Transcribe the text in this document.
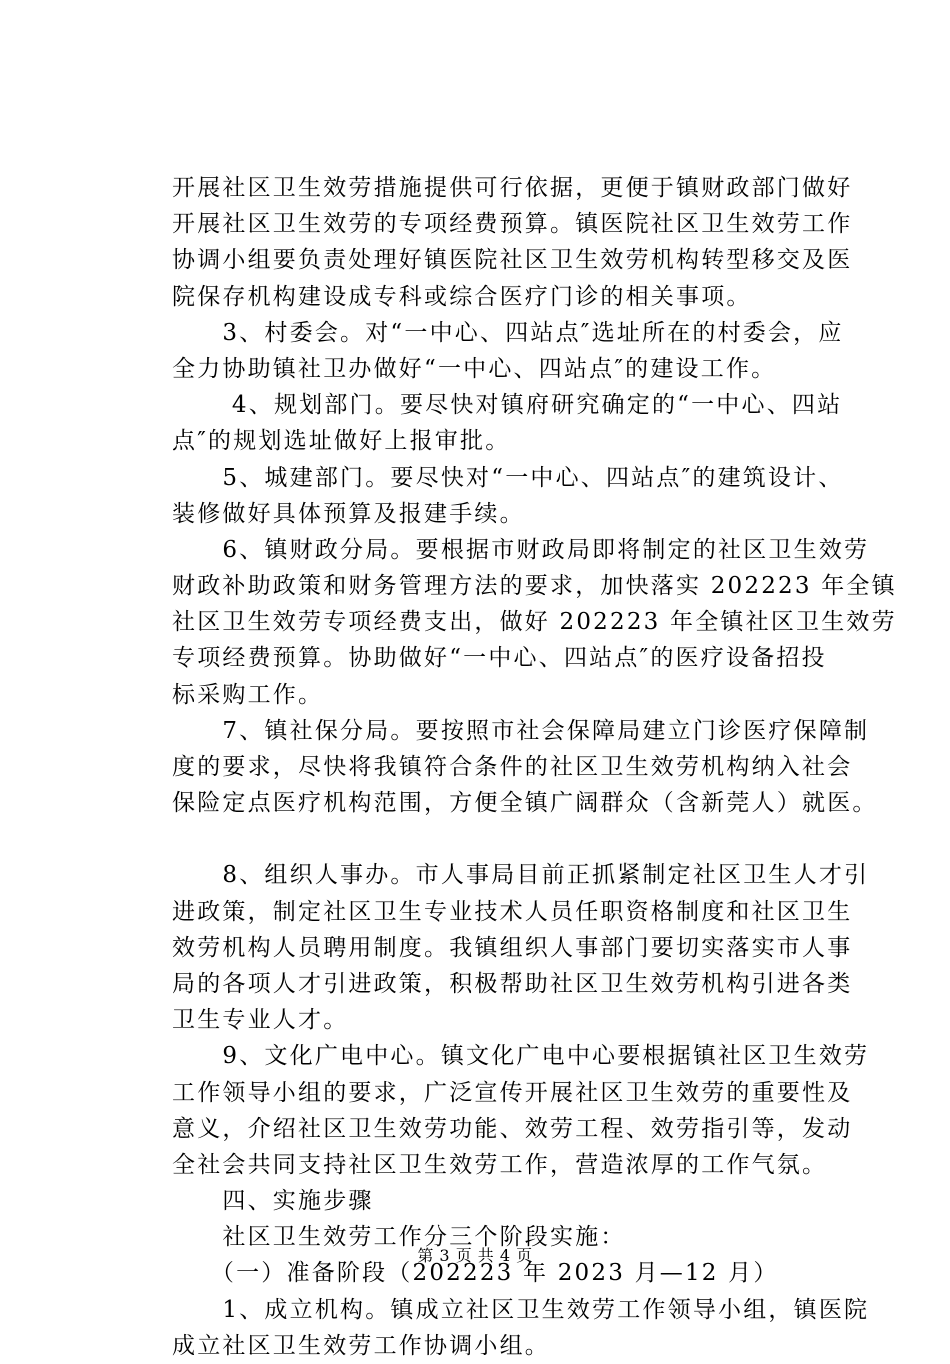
开展社区卫生效劳措施提供可行依据，更便于镇财政部门做好
开展社区卫生效劳的专项经费预算。镇医院社区卫生效劳工作
协调小组要负责处理好镇医院社区卫生效劳机构转型移交及医
院保存机构建设成专科或综合医疗门诊的相关事项。
　　3、村委会。对“一中心、四站点″选址所在的村委会，应
全力协助镇社卫办做好“一中心、四站点″的建设工作。
　　 4、规划部门。要尽快对镇府研究确定的“一中心、四站
点″的规划选址做好上报审批。
　　5、城建部门。要尽快对“一中心、四站点″的建筑设计、
装修做好具体预算及报建手续。
　　6、镇财政分局。要根据市财政局即将制定的社区卫生效劳
财政补助政策和财务管理方法的要求，加快落实 202223 年全镇
社区卫生效劳专项经费支出，做好 202223 年全镇社区卫生效劳
专项经费预算。协助做好“一中心、四站点″的医疗设备招投
标采购工作。
　　7、镇社保分局。要按照市社会保障局建立门诊医疗保障制
度的要求，尽快将我镇符合条件的社区卫生效劳机构纳入社会
保险定点医疗机构范围，方便全镇广阔群众（含新莞人）就医。
　　8、组织人事办。市人事局目前正抓紧制定社区卫生人才引
进政策，制定社区卫生专业技术人员任职资格制度和社区卫生
效劳机构人员聘用制度。我镇组织人事部门要切实落实市人事
局的各项人才引进政策，积极帮助社区卫生效劳机构引进各类
卫生专业人才。
　　9、文化广电中心。镇文化广电中心要根据镇社区卫生效劳
工作领导小组的要求，广泛宣传开展社区卫生效劳的重要性及
意义，介绍社区卫生效劳功能、效劳工程、效劳指引等，发动
全社会共同支持社区卫生效劳工作，营造浓厚的工作气氛。
　　四、实施步骤
　　社区卫生效劳工作分三个阶段实施：
　　（一）准备阶段（202223 年 2023 月—12 月）
　　1、成立机构。镇成立社区卫生效劳工作领导小组，镇医院
成立社区卫生效劳工作协调小组。
第 3 页 共 4 页
